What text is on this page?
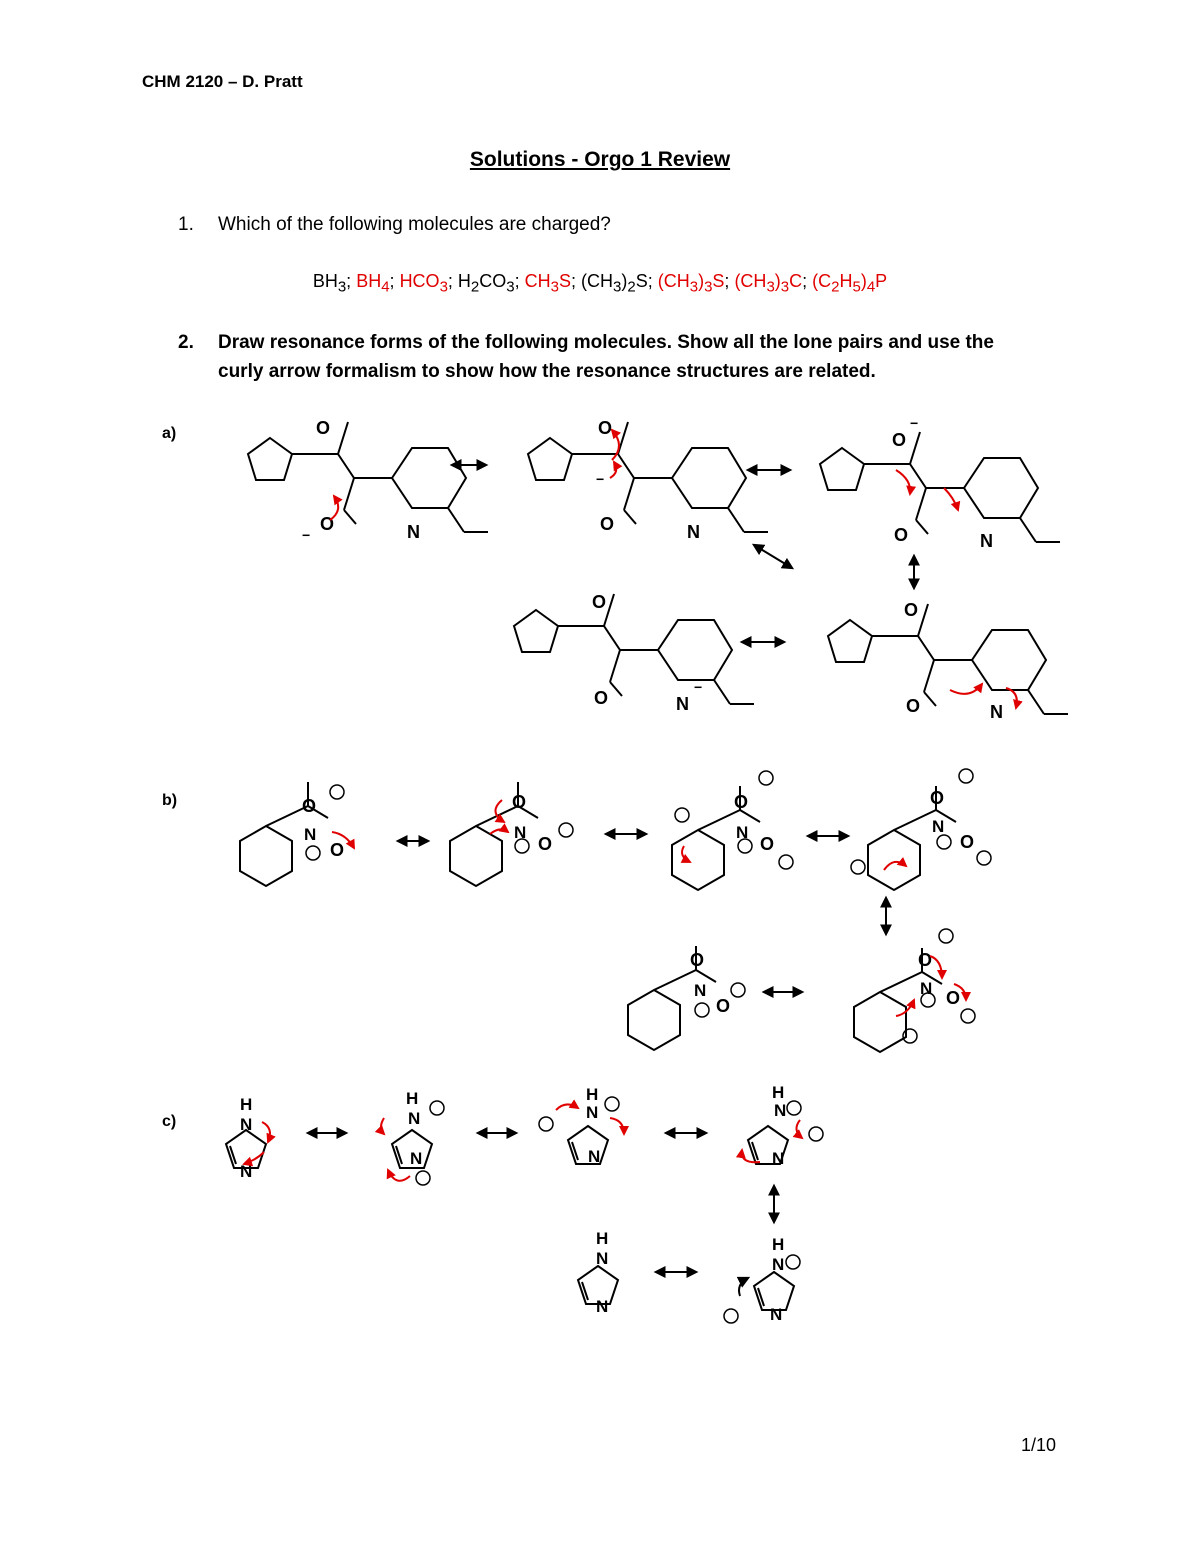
CHM 2120 – D. Pratt
Solutions - Orgo 1 Review
1. Which of the following molecules are charged?
$BH_3$; $BH_4$; $HCO_3$; $H_2CO_3$; $CH_3S$; $(CH_3)_2S$; $(CH_3)_3S$; $(CH_3)_3C$; $(C_2H_5)_4P$
2. Draw resonance forms of the following molecules. Show all the lone pairs and use the
curly arrow formalism to show how the resonance structures are related.
a)
b)
c)
O
O
−	N
O
O
−
N
O
−
O	N
O
O	N
−
O
O	N
O
N
O
O
N
O
O
N
O
O
N
O
O
N
O
O
N O
H
N
N
H
N
N
H
N
N
H
N
N
H
N
N
H
N
N
1/10
